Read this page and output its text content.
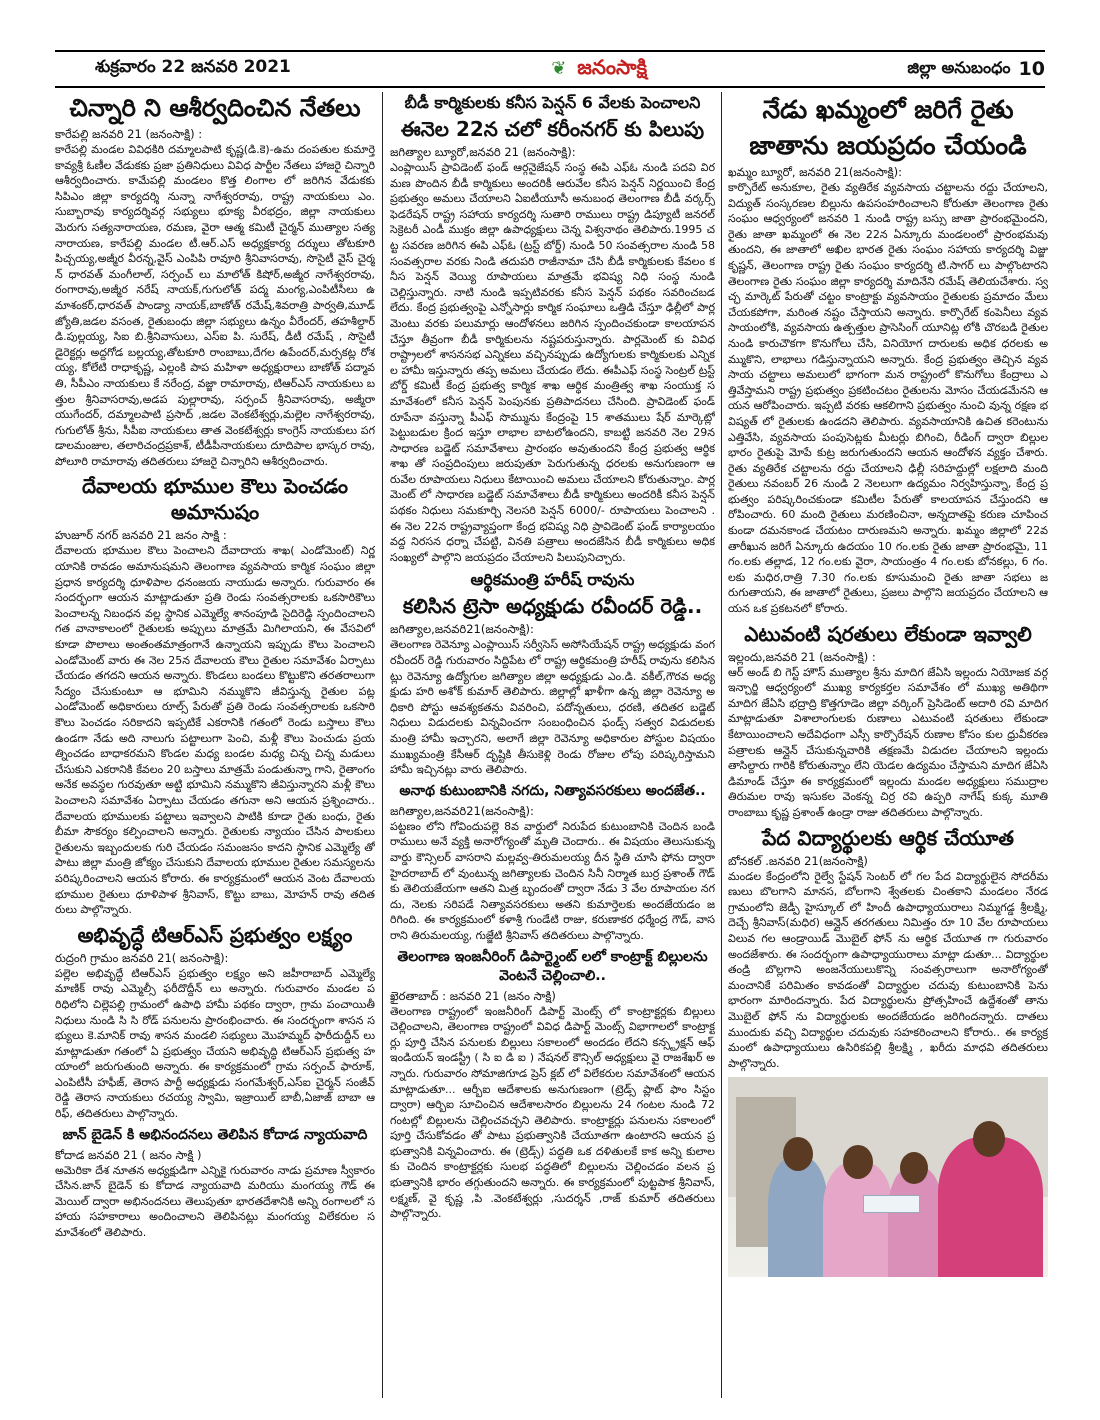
శుక్రవారం 22 జనవరి 2021	❦ జనంసాక్షి	జిల్లా అనుబంధం 10
చిన్నారి ని ఆశీర్వదించిన నేతలు

కారేపల్లి జనవరి 21 (జనంసాక్షి) :

కారేపల్లి మండల వివిధకిరి దమ్మాలపాటి కృష్ణ(డి.కె)-ఉమ దంపతుల కుమార్తె కావ్యశ్రీ ఓణీల వేడుకకు ప్రజా ప్రతినిధులు వివిధ పార్టీల నేతలు హాజరై చిన్నారి ఆశీర్వదించారు. కామేపల్లి మండలం కొత్త లింగాల లో జరిగిన వేడుకకు సిపిఎం జిల్లా కార్యదర్శి నున్నా నాగేశ్వరరావు, రాష్ట్ర నాయకులు ఎం.సుబ్బారావు కార్యదర్శివర్గ సభ్యులు భూక్య వీరభద్రం, జిల్లా నాయకులు మెరుగు సత్యనారాయణ, రమణ, వైరా ఆత్మ కమిటీ చైర్మన్ ముత్యాల సత్యనారాయణ, కారేపల్లి మండల టీ.ఆర్.ఎస్ అధ్యక్షకార్య దర్శులు తోటకూరి పిచ్చయ్య,అజ్మీర వీరన్న,వైస్ ఎంపిపి రావూరి శ్రీనివాసరావు, సొసైటీ వైస్ చైర్మన్ ధారవత్ మంగీలాల్, సర్పంచ్ లు మాలోత్ కిషోర్,అజ్మీర నాగేశ్వరరావు, రంగారావు,అజ్మీర నరేష్ నాయక్,గుగులోత్ పద్మ మంగ్య,ఎంపిటీసీలు ఉమాశంకర్,ధారవత్ పాండ్యా నాయక్,బాణోత్ రమేష్,శివరాత్రి పార్వతి,మూడ్ జ్యోతి,జడల వసంత, రైతుబంధు జిల్లా సభ్యులు ఉన్నం వీరేందర్, తహశీల్దార్ డి.పుల్లయ్య, సిఐ బి.శ్రీనివాసులు, ఎస్ఐ పి. సురేష్, డీటీ రమేష్ , సొసైటీ డైరెక్టర్లు అద్దగోడ బల్లయ్య,తోటకూరి రాంబాబు,దేగల ఉపేందర్,మర్సకట్ల రోశయ్య, కోలేటి రాధాకృష్ణ, ఎల్లంకి పాప మహిళా అధ్యక్షురాలు బాణోత్ పద్మావతి, సీపీఎం నాయకులు కే నరేంద్ర, వజ్జా రామారావు, టిఆర్ఎస్ నాయకులు బత్తుల శ్రీనివాసరావు,అడప పుల్లారావు, సర్పంచ్ శ్రీనివాసరావు, అజ్మీరా యుగేందర్, దమ్మాలపాటి ప్రసాద్ ,జడల వెంకటేశ్వర్లు,మల్లెల నాగేశ్వరరావు, గుగులోత్ శ్రీను, సీపీఐ నాయకులు తాత వెంకటేశ్వర్లు కాంగ్రెస్ నాయకులు పగడాలమంజుల, తలారిచంద్రప్రకాశ్, టీడీపీనాయకులు దూదిపాల భాస్కర రావు, పోలూరి రామారావు తదితరులు హాజరై చిన్నారిని ఆశీర్వదించారు.

దేవాలయ భూముల కౌలు పెంచడం అమానుషం

హుజూర్ నగర్ జనవరి 21 జనం సాక్షి :

దేవాలయ భూముల కౌలు పెంచాలని దేవాదాయ శాఖ( ఎండోమెంట్) నిర్ణయానికి రావడం అమానుషమని తెలంగాణ వ్యవసాయ కార్మిక సంఘం జిల్లా ప్రధాన కార్యదర్శి ధూళిపాల ధనంజయ నాయుడు అన్నారు. గురువారం ఈ సందర్భంగా ఆయన మాట్లాడుతూ ప్రతి రెండు సంవత్సరాలకు ఒకసారికౌలు పెంచాలన్న నిబంధన వల్ల స్థానిక ఎమ్మెల్యే శానంపూడి సైదిరెడ్డి స్పందించాలని గత వానాకాలంలో రైతులకు అప్పులు మాత్రమే మిగిలాయని, ఈ వేసవిలో కూడా పొలాలు అంతంతమాత్రంగానే ఉన్నాయని ఇప్పుడు కౌలు పెంచాలని ఎండోమెంట్ వారు ఈ నెల 25న దేవాలయ కౌలు రైతుల సమావేశం ఏర్పాటు చేయడం తగదని ఆయన అన్నారు. కొండలు బండలు కొట్టుకొని తరతరాలుగా సేద్యం చేసుకుంటూ ఆ భూమిని నమ్ముకొని జీవిస్తున్న రైతుల పట్ల ఎండోమెంట్ అధికారులు రూల్స్ పేరుతో ప్రతి రెండు సంవత్సరాలకు ఒకసారి కౌలు పెంచడం సరికాదని ఇప్పటికే ఎకరానికి గతంలో రెండు బస్తాలు కౌలు ఉండగా నేడు అది నాలుగు పట్టాలుగా పెంచి, మళ్లీ కౌలు పెంచుడు ప్రయత్నించడం బాధాకరమని కొండల మధ్య బండల మధ్య చిన్న చిన్న మడులు చేసుకుని ఎకరానికి కేవలం 20 బస్తాలు మాత్రమే పండుతున్నా గాని, రైతాంగం అనేక అవస్థల గురవుతూ అట్టి భూమిని నమ్ముకొని జీవిస్తున్నారని మళ్లీ కౌలు పెంచాలని సమావేశం ఏర్పాటు చేయడం తగునా అని ఆయన ప్రశ్నించారు.. దేవాలయ భూములకు పట్టాలు ఇవ్వాలని పాటికి కూడా రైతు బంధు, రైతు బీమా సౌకర్యం కల్పించాలని అన్నారు. రైతులకు న్యాయం చేసిన పాలకులు రైతులను ఇబ్బందులకు గురి చేయడం సమంజసం కాదని స్థానిక ఎమ్మెల్యే తో పాటు జిల్లా మంత్రి జోక్యం చేసుకుని దేవాలయ భూముల రైతుల సమస్యలను పరిష్కరించాలని ఆయన కోరారు. ఈ కార్యక్రమంలో ఆయన వెంట దేవాలయ భూముల రైతులు ధూళిపాళ శ్రీనివాస్, కొట్టు బాబు, మోహన్ రావు తదితరులు పాల్గొన్నారు.

అభివృద్ధే టిఆర్ఎస్ ప్రభుత్వం లక్ష్యం

రుద్రంగి గ్రామం జనవరి 21( జనంసాక్షి):

పల్లెల అభివృద్ధే టిఆర్ఎస్ ప్రభుత్వం లక్ష్యం అని జహీరాబాద్ ఎమ్మెల్యే మాణిక్ రావు ఎమ్మెల్సీ ఫరీదొద్దీన్ లు అన్నారు. గురువారం మండల పరిధిలోని చిల్లెపల్లి గ్రామంలో ఉపాధి హామీ పథకం ద్వారా, గ్రామ పంచాయితీ నిధులు నుండి సి సి రోడ్ పనులను ప్రారంభించారు. ఈ సందర్భంగా శాసన సభ్యులు కె.మానిక్ రావు శాసన మండలి సభ్యులు మొహమ్మద్ ఫారీదుద్దీన్ లు మాట్లాడుతూ గతంలో ఏ ప్రభుత్వం చేయని అభివృద్ధి టిఆర్ఎస్ ప్రభుత్వ హయాంలో జరుగుతుంది అన్నారు. ఈ కార్యక్రమంలో గ్రామ సర్పంచ్ ఫారూక్,ఎంపిటీసీ హఫీజ్, తెరాస పార్టీ అధ్యక్షుడు సంగమేశ్వర్,ఎస్‌ఐ చైర్మన్ సంజీవ్ రెడ్డి తెరాస నాయకులు రచయ్య స్వామి, ఇజ్రాయిల్ బాబీ,ఏజాజ్ బాబా ఆరిఫ్, తదితరులు పాల్గొన్నారు.

జాన్ బైడెన్ కి అభినందనలు తెలిపిన కోదాడ న్యాయవాది

కోదాడ జనవరి 21 ( జనం సాక్షి )

అమెరికా దేశ నూతన అధ్యక్షుడిగా ఎన్నికై గురువారం నాడు ప్రమాణ స్వీకారం చేసిన.జాన్ బైడెన్ కు కోదాడ న్యాయవాది మరియు మంగయ్య గౌడ్ ఈమెయిల్ ద్వారా అభినందనలు తెలుపుతూ భారతదేశానికి అన్ని రంగాలలో సహాయ సహకారాలు అందించాలని తెలిపినట్లు మంగయ్య విలేకరుల సమావేశంలో తెలిపారు.

బీడీ కార్మికులకు కనీస పెన్షన్ 6 వేలకు పెంచాలని
ఈనెల 22న చలో కరీంనగర్ కు పిలుపు

జగిత్యాల బ్యూరో,జనవరి 21 (జనంసాక్షి):

ఎంప్లాయిస్ ప్రావిడెంట్ ఫండ్ ఆర్గనైజేషన్ సంస్థ ఈపి ఎఫ్ఓ నుండి పదవి విరమణ పొందిన బీడీ కార్మికులు అందరికీ ఆరువేల కనీస పెన్షన్ నిర్ణయించి కేంద్ర ప్రభుత్వం అమలు చేయాలని ఏఐటీయూసీ అనుబంధ తెలంగాణ బీడీ వర్కర్స్ ఫెడరేషన్ రాష్ట్ర సహాయ కార్యదర్శి సుతారి రాములు రాష్ట్ర డిప్యూటీ జనరల్ సెక్రెటరీ ఎండీ ముక్రం జిల్లా ఉపాధ్యక్షులు చెన్న విశ్వనాథం తెలిపారు.1995 చట్ట సవరణ జరిగిన ఈపి ఎఫ్ఓ (ట్రస్ట్ బోర్డ్) నుండి 50 సంవత్సరాల నుండి 58 సంవత్సరాల వరకు నిండి తదుపరి రాజీనామా చేసి బీడీ కార్మికులకు కేవలం కనీస పెన్షన్ వెయ్యి రూపాయలు మాత్రమే భవిష్య నిధి సంస్థ నుండి చెల్లిస్తున్నారు. నాటి నుండి ఇప్పటివరకు కనీస పెన్షన్ పథకం సవరించబడ లేదు. కేంద్ర ప్రభుత్వంపై ఎన్నోసార్లు కార్మిక సంఘాలు ఒత్తిడి చేస్తూ ఢిల్లీలో పార్లమెంటు వరకు పలుమార్లు ఆందోళనలు జరిగిన స్పందించకుండా కాలయాపన చేస్తూ తీవ్రంగా బీడీ కార్మికులను నష్టపరుస్తున్నారు. పార్లమెంట్ కు వివిధ రాష్ట్రాలలో శాసనసభ ఎన్నికలు వచ్చినప్పుడు ఉద్యోగులకు కార్మికులకు ఎన్నికల హామీ ఇస్తున్నారు తప్ప అమలు చేయడం లేదు. ఈపీఎఫ్ సంస్థ సెంట్రల్ ట్రస్ట్ బోర్డ్ కమిటీ కేంద్ర ప్రభుత్వ కార్మిక శాఖ ఆర్థిక మంత్రిత్వ శాఖ సంయుక్త సమావేశంలో కనీస పెన్షన్ పెంపునకు ప్రతిపాదనలు చేసింది. ప్రావిడెంట్ ఫండ్ రూపేనా వస్తున్నా పీఎఫ్ సొమ్మును కేంద్రంపై 15 శాతములు షేర్ మార్కెట్లో పెట్టుబడుల క్రింద ఇస్తూ లాభాల బాటలోఉందని, కాబట్టి జనవరి నెల 29న సాధారణ బడ్జెట్ సమావేశాలు ప్రారంభం అవుతుందని కేంద్ర ప్రభుత్వ ఆర్థిక శాఖ తో సంప్రదింపులు జరుపుతూ పెరుగుతున్న ధరలకు అనుగుణంగా ఆరువేల రూపాయలు నిధులు కేటాయించి అమలు చేయాలని కోరుతున్నాం. పార్లమెంట్ లో సాధారణ బడ్జెట్ సమావేశాలు బీడీ కార్మికులు అందరికీ కనీస పెన్షన్ పథకం నిధులు సమకూర్చి నెలసరి పెన్షన్ 6000/- రూపాయలు పెంచాలని . ఈ నెల 22న రాష్ట్రవ్యాప్తంగా కేంద్ర భవిష్య నిధి ప్రావిడెంట్ ఫండ్ కార్యాలయం వద్ద నిరసన ధర్నా చేపట్టి, వినతి పత్రాలు అందజేసిన బీడీ కార్మికులు అధిక సంఖ్యలో పాల్గొని జయప్రదం చేయాలని పిలుపునిచ్చారు.

ఆర్థికమంత్రి హరీష్ రావును
కలిసిన ట్రెసా అధ్యక్షుడు రవీందర్ రెడ్డి..

జగిత్యాల,జనవరి21(జనంసాక్షి):

తెలంగాణ రెవెన్యూ ఎంప్లాయిస్ సర్వీసెస్ అసోసియేషన్ రాష్ట్ర అధ్యక్షుడు వంగ రవీందర్ రెడ్డి గురువారం సిద్దిపేట లో రాష్ట్ర ఆర్థికమంత్రి హరీష్ రావును కలిసినట్లు రెవెన్యూ ఉద్యోగుల జగిత్యాల జిల్లా అధ్యక్షుడు ఎం.డి. వకీల్,గౌరవ అధ్యక్షుడు హరి అశోక్ కుమార్ తెలిపారు. జిల్లాల్లో ఖాళీగా ఉన్న జిల్లా రెవెన్యూ అధికారి పోస్టు ఆవశ్యకతను వివరించి, పదోన్నతులు, ధరణి, తదితర బడ్జెట్ నిధులు విడుదలకు విన్నవించగా సంబంధించిన ఫండ్స్ సత్వర విడుదలకు మంత్రి హామీ ఇచ్చారని, అలాగే జిల్లా రెవెన్యూ అధికారుల పోస్టుల విషయం ముఖ్యమంత్రి కేసీఆర్ దృష్టికి తీసుకెళ్లి రెండు రోజుల లోపు పరిష్కరిస్తామని హామీ ఇచ్చినట్లు వారు తెలిపారు.

అనాథ కుటుంబానికి నగదు, నిత్యావసరకులు అందజేత..

జగిత్యాల,జనవరి21(జనంసాక్షి):

పట్టణం లోని గోవిందుపల్లె 8వ వార్డులో నిరుపేద కుటుంబానికి చెందిన బండి రాములు అనే వ్యక్తి అనారోగ్యంతో మృతి చెందారు.. ఈ విషయం తెలుసుకున్న వార్డు కౌన్సిలర్ వాసరాని మల్లవ్వ-తిరుమలయ్య దీన స్థితి చూసి ఫోను ద్వారా హైదరాబాద్ లో వుంటున్న జగిత్యాలకు చెందిన సినీ నిర్మాత బుర్ర ప్రశాంత్ గౌడ్ కు తెలియజేయగా ఆతని మిత్ర బృందంతో ద్వారా నేడు 3 వేల రూపాయల నగదు, నెలకు సరిపడే నిత్యావసరకులు అతని కుమార్తెలకు అందజేయడం జరిగింది. ఈ కార్యక్రమంలో కళాశ్రీ గుండేటి రాజు, కరుణాకర ధర్మేంద్ర గౌడ్, వాసరాని తిరుమలయ్య, గుజ్జేటి శ్రీనివాస్ తదితరులు పాల్గొన్నారు.

తెలంగాణ ఇంజనీరింగ్ డిపార్ట్మెంట్ లలో కాంట్రాక్ట్ బిల్లులను వెంటనే చెల్లించాలి..

ఖైరతాబాద్ : జనవరి 21 (జనం సాక్షి)

తెలంగాణ రాష్ట్రంలో ఇంజనీరింగ్ డిపార్ట్ మెంట్స్ లో కాంట్రాక్టర్లకు బిల్లులు చెల్లించాలని, తెలంగాణ రాష్ట్రంలో వివిధ డిపార్ట్ మెంట్స్ విభాగాలలో కాంట్రాక్టర్లు పూర్తి చేసిన పనులకు బిల్లులు సకాలంలో అందడం లేదని కన్స్ట్రక్షన్ ఆఫ్ ఇండియన్ ఇండస్ట్రీ ( సి ఐ డి ఐ ) నేషనల్ కౌన్సిల్ అధ్యక్షులు వై రాజశేఖర్ అన్నారు. గురువారం సోమాజిగూడ ప్రెస్ క్లబ్ లో విలేకరుల సమావేశంలో ఆయన మాట్లాడుతూ... ఆర్బీఐ ఆదేశాలకు అనుగుణంగా (ట్రెడ్స్ ప్లాట్ ఫాం సిస్టం ద్వారా) ఆర్బిఐ సూచించిన ఆదేశాలసారం బిల్లులను 24 గంటల నుండి 72 గంటల్లో బిల్లులను చెల్లించవచ్చని తెలిపారు. కాంట్రాక్టర్లు పనులను సకాలంలో పూర్తి చేసుకోవడం తో పాటు ప్రభుత్వానికి చేయూతగా ఉంటారని ఆయన ప్రభుత్వానికి విన్నవించారు. ఈ (ట్రెడ్స్) పద్ధతి ఒక దళితులకే కాక అన్ని కులాలకు చెందిన కాంట్రాక్టర్లకు సులభ పద్ధతిలో బిల్లులను చెల్లించడం వలన ప్రభుత్వానికి భారం తగ్గుతుందని అన్నారు. ఈ కార్యక్రమంలో పుట్టపాక శ్రీనివాస్, లక్ష్మణ్, వై కృష్ణ ,పి .వెంకటేశ్వర్లు ,సుదర్శన్ ,రాజ్ కుమార్ తదితరులు పాల్గొన్నారు.

నేడు ఖమ్మంలో జరిగే రైతు జాతాను జయప్రదం చేయండి

ఖమ్మం బ్యూరో, జనవరి 21(జనంసాక్షి):

కార్పొరేట్ అనుకూల, రైతు వ్యతిరేక వ్యవసాయ చట్టాలను రద్దు చేయాలని, విద్యుత్ సంస్కరణల బిల్లును ఉపసంహరించాలని కోరుతూ తెలంగాణ రైతు సంఘం ఆధ్వర్యంలో జనవరి 1 నుండి రాష్ట్ర బస్సు జాతా ప్రారంభమైందని, రైతు జాతా ఖమ్మంలో ఈ నెల 22న ఏన్కూరు మండలంలో ప్రారంభమవు తుందని, ఈ జాతాలో అఖిల భారత రైతు సంఘం సహాయ కార్యదర్శి విజ్జు కృష్ణన్, తెలంగాణ రాష్ట్ర రైతు సంఘం కార్యదర్శి టి.సాగర్ లు పాల్గొంటారని తెలంగాణ రైతు సంఘం జిల్లా కార్యదర్శి మాదినేని రమేష్ తెలియచేశారు. స్వచ్ఛ మార్కెట్ పేరుతో చట్టం కాంట్రాక్టు వ్యవసాయం రైతులకు ప్రమాదం మేలు చేయకపోగా, మరింత నష్టం చేస్తాయని అన్నారు. కార్పొరేట్ కంపెనీలు వ్యవసాయంలోకి, వ్యవసాయ ఉత్పత్తుల ప్రాసెసింగ్ యూనిట్ల లోకి చొరబడి రైతుల నుండి కారుచౌకగా కొనుగోలు చేసి, వినియోగ దారులకు అధిక ధరలకు అమ్ముకొని, లాభాలు గడిస్తున్నాయని అన్నారు. కేంద్ర ప్రభుత్వం తెచ్చిన వ్యవసాయ చట్టాలు అమలులో భాగంగా మన రాష్ట్రంలో కొనుగోలు కేంద్రాలు ఎత్తివేస్తామని రాష్ట్ర ప్రభుత్వం ప్రకటించటం రైతులను మోసం చేయడమేనని ఆయన ఆరోపించారు. ఇప్పటి వరకు ఆకలిగాని ప్రభుత్వం నుంచి వున్న రక్షణ భవిష్యత్ లో రైతులకు ఉండదని తెలిపారు. వ్యవసాయానికి ఉచిత కరెంటును ఎత్తివేసి, వ్యవసాయ పంపుసెట్లకు మీటర్లు బిగించి, రీడింగ్ ద్వారా బిల్లుల భారం రైతుపై మోపే కుట్ర జరుగుతుందని ఆయన ఆందోళన వ్యక్తం చేశారు. రైతు వ్యతిరేక చట్టాలను రద్దు చేయాలని ఢిల్లీ సరిహద్దుల్లో లక్షలాది మంది రైతులు నవంబర్ 26 నుండి 2 నెలలుగా ఉద్యమం నిర్వహిస్తున్నా, కేంద్ర ప్రభుత్వం పరిష్కరించకుండా కమిటీల పేరుతో కాలయాపన చేస్తుందని ఆరోపించారు. 60 మంది రైతులు మరణించినా, అన్నదాతపై కరుణ చూపించకుండా దమనకాండ చేయటం దారుణమని అన్నారు. ఖమ్మం జిల్లాలో 22వ తారీఖున జరిగే ఏన్కూరు ఉదయం 10 గం.లకు రైతు జాతా ప్రారంభమై, 11 గం.లకు తల్లాడ, 12 గం.లకు వైరా, సాయంత్రం 4 గం.లకు బోనకల్లు, 6 గం.లకు మధిర,రాత్రి 7.30 గం.లకు కూసుమంచి రైతు జాతా సభలు జరుగుతాయని, ఈ జాతాలో రైతులు, ప్రజలు పాల్గొని జయప్రదం చేయాలని ఆయన ఒక ప్రకటనలో కోరారు.

ఎటువంటి షరతులు లేకుండా ఇవ్వాలి

ఇల్లందు,జనవరి 21 (జనంసాక్షి) :

ఆర్ అండ్ బి గెస్ట్ హౌస్ ముత్యాల శ్రీను మాదిగ జేఏసి ఇల్లందు నియోజక వర్గ ఇన్చార్జి ఆధ్వర్యంలో ముఖ్య కార్యకర్తల సమావేశం లో ముఖ్య అతిథిగా మాదిగ జేఏసి భద్రాద్రి కొత్తగూడెం జిల్లా వర్కింగ్ ప్రెసిడెంట్ అదారి రవి మాదిగ మాట్లాడుతూ విశాలాంగులకు రుణాలు ఎటువంటి షరతులు లేకుండా కేటాయించాలని అదేవిధంగా ఎస్సీ కార్పొరేషన్ రుణాల కోసం కుల ధ్రువీకరణ పత్రాలకు ఆన్లైన్ చేసుకున్నవారికి తక్షణమే విడుదల చేయాలని ఇల్లందు తాసిల్దారు గారికి కోరుతున్నాం లేని యెడల ఉద్యమం చేస్తామని మాదిగ జేఏసి డిమాండ్ చేస్తూ ఈ కార్యక్రమంలో ఇల్లందు మండల అధ్యక్షులు సముద్రాల తిరుమల రావు ఇసుకల వెంకన్న చిర్ర రవి ఉప్పరి నాగేష్ కుక్క మూతి రాంబాబు కృష్ణ ప్రశాంత్ ఉండ్రా రాజు తదితరులు పాల్గొన్నారు.

పేద విద్యార్థులకు ఆర్థిక చేయూత

బోనకల్ .జనవరి 21(జనంసాక్షి)

మండల కేంద్రంలోని రైల్వే స్టేషన్ సెంటర్ లో గల పేద విద్యార్థులైన సోదరీమణులు బొలగాని మానస, బోలగాని శ్వేతలకు చింతకాని మండలం నేరడ గ్రామంలోని జెడ్పీ హైస్కూల్ లో హిందీ ఉపాధ్యాయురాలు నిమ్మగడ్డ శ్రీలక్ష్మి, దెచ్చే శ్రీనివాస్(మధిర) ఆన్లైన్ తరగతులు నిమిత్తం రూ 10 వేల రూపాయలు విలువ గల ఆండ్రాయిడ్ మొబైల్ ఫోన్ ను ఆర్థిక చేయూత గా గురువారం అందజేశారు. ఈ సందర్భంగా ఉపాధ్యాయురాలు మాట్లా డుతూ... విద్యార్థుల తండ్రి బొల్లగాని అంజనేయులుకొన్ని సంవత్సరాలుగా అనారోగ్యంతో మంచానికే పరిమితం కావడంతో విద్యార్థుల చదువు కుటుంబానికి పెను భారంగా మారిందన్నారు. పేద విద్యార్థులను ప్రోత్సహించే ఉద్దేశంతో తాను మొబైల్ ఫోన్ ను విద్యార్థులకు అందజేయడం జరిగిందన్నారు. దాతలు ముందుకు వచ్చి విద్యార్థుల చదువుకు సహకరించాలని కోరారు.. ఈ కార్యక్రమంలో ఉపాధ్యాయులు ఉసిరికపల్లి శ్రీలక్ష్మి , ఖరీదు మాధవి తదితరులు పాల్గొన్నారు.
